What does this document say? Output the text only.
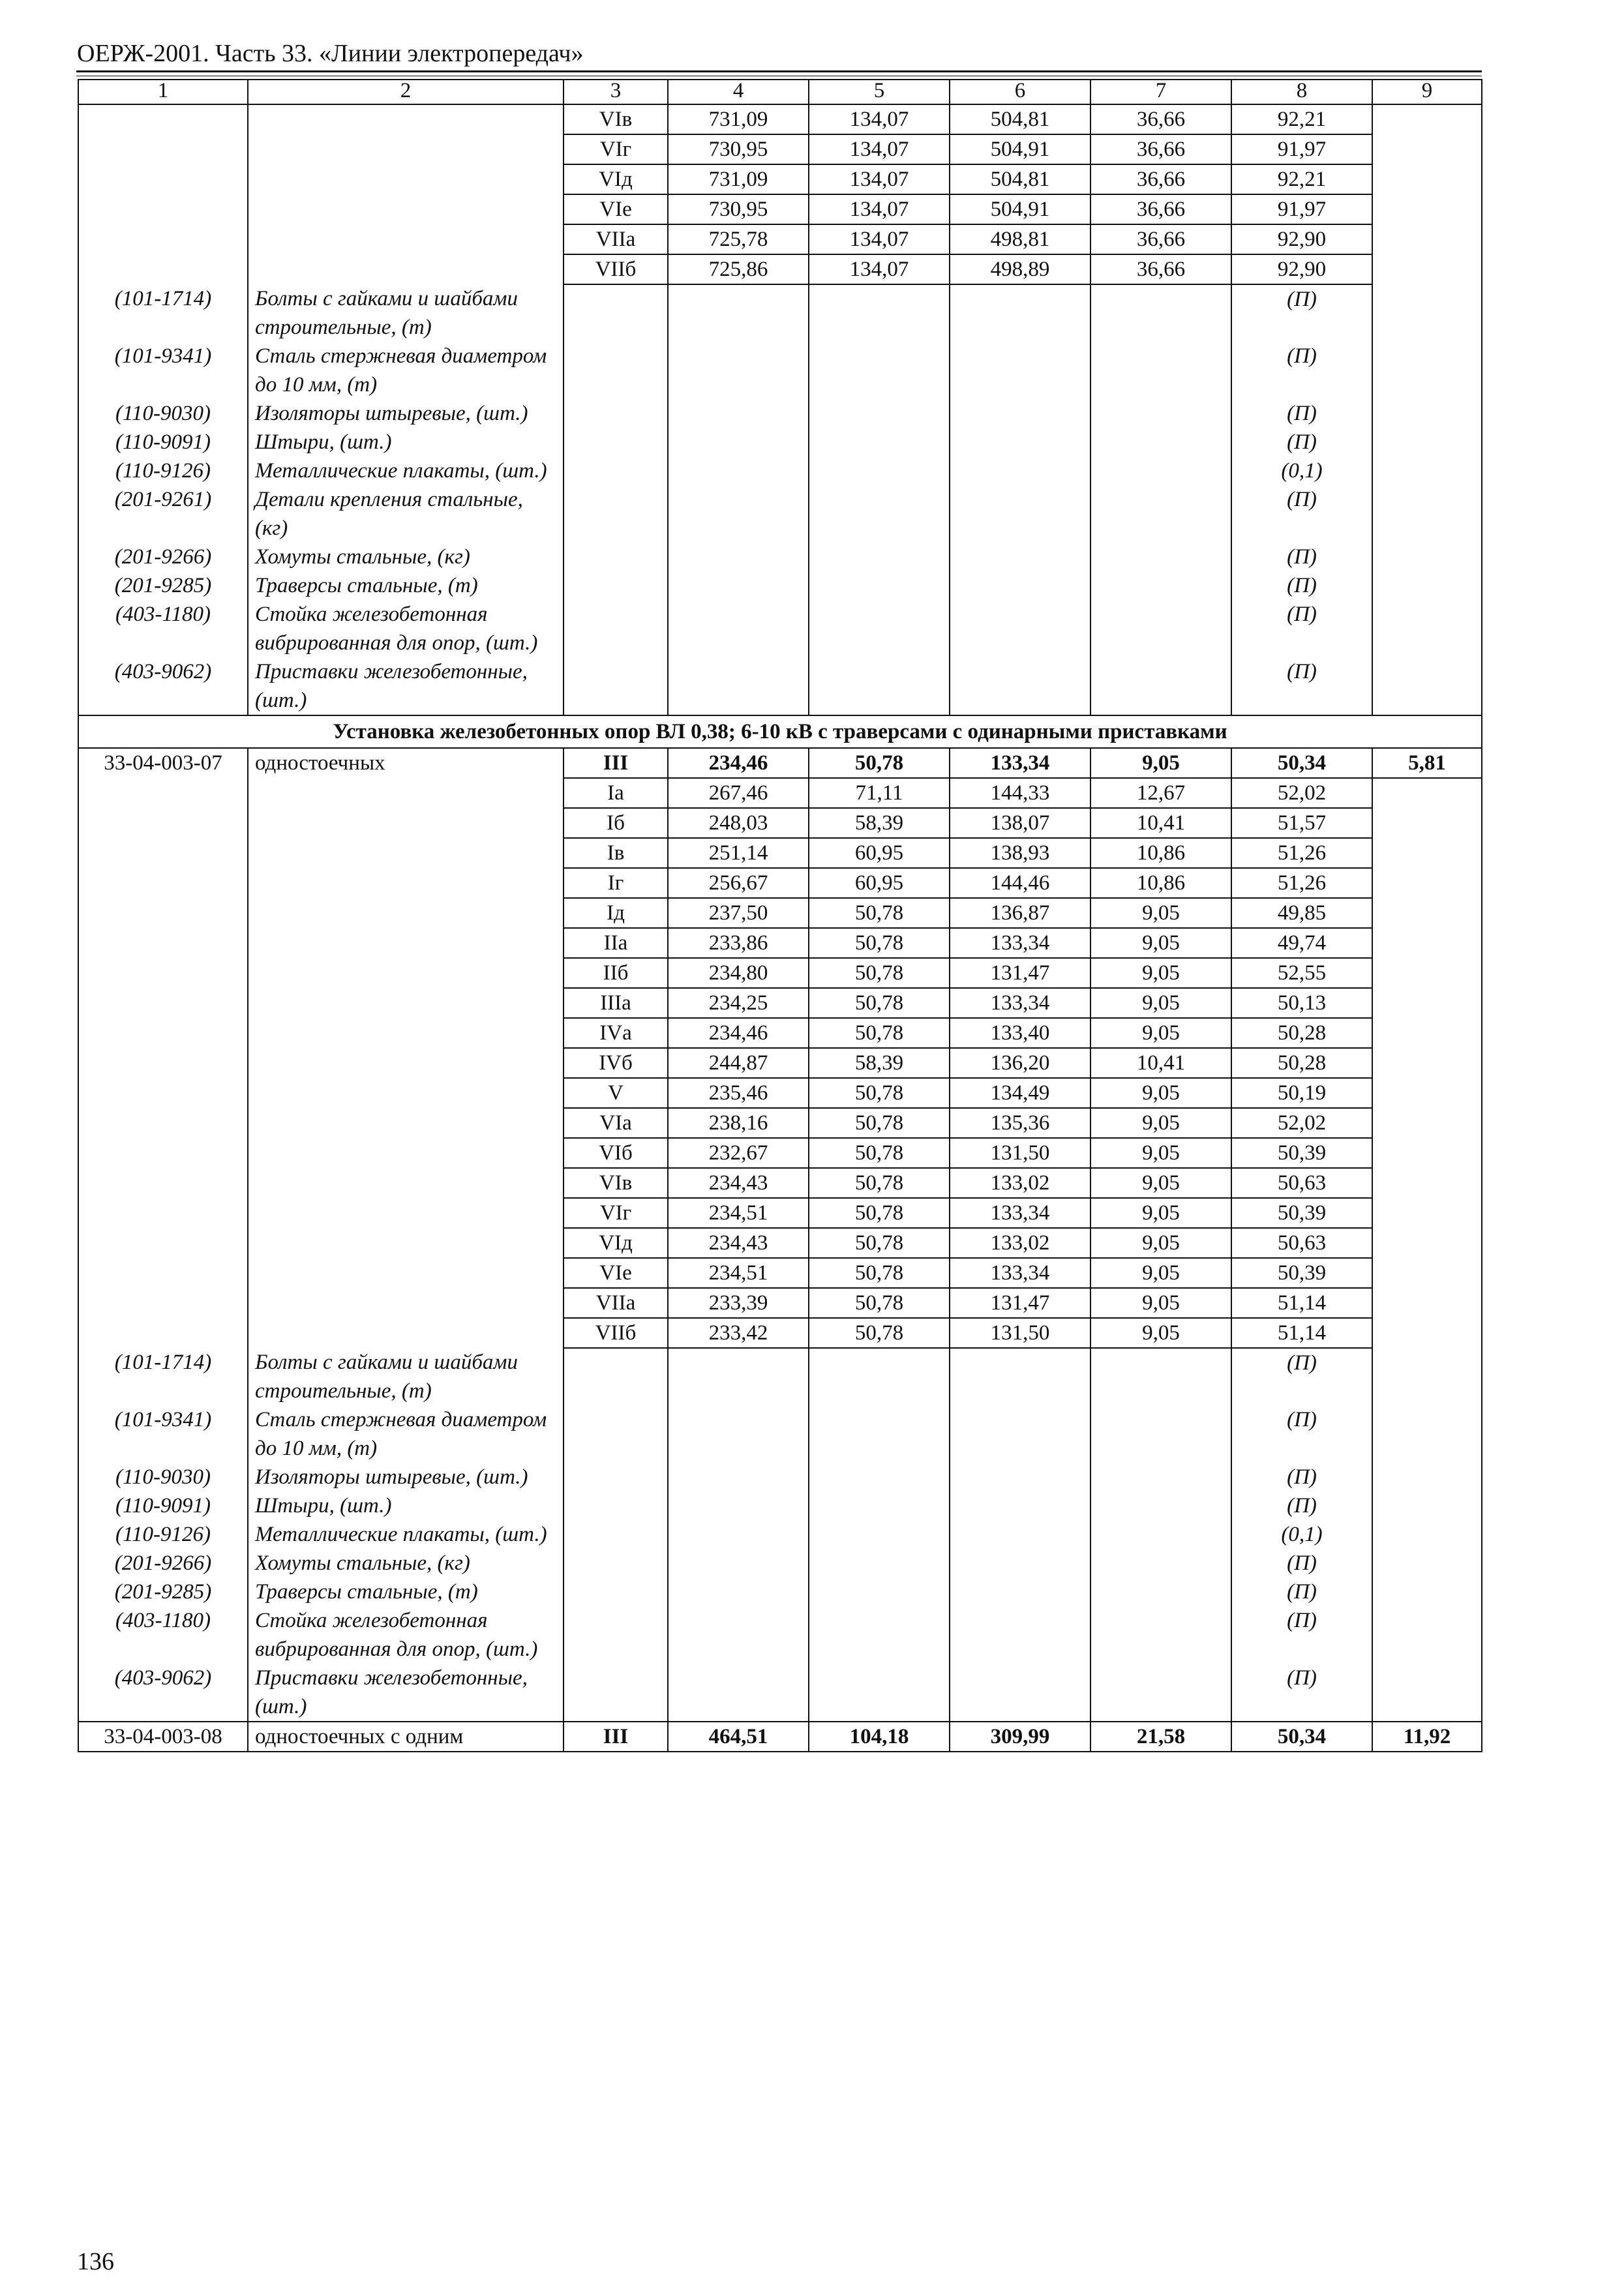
ОЕРЖ-2001. Часть 33. «Линии электропередач»
1	2	3	4	5	6	7	8	9
		VIв	731,09	134,07	504,81	36,66	92,21	
		VIг	730,95	134,07	504,91	36,66	91,97	
		VIд	731,09	134,07	504,81	36,66	92,21	
		VIе	730,95	134,07	504,91	36,66	91,97	
		VIIа	725,78	134,07	498,81	36,66	92,90	
		VIIб	725,86	134,07	498,89	36,66	92,90	
(101-1714)	Болты с гайками и шайбами строительные, (т)						(П)	
(101-9341)	Сталь стержневая диаметром до 10 мм, (т)						(П)	
(110-9030)	Изоляторы штыревые, (шт.)						(П)	
(110-9091)	Штыри, (шт.)						(П)	
(110-9126)	Металлические плакаты, (шт.)						(0,1)	
(201-9261)	Детали крепления стальные, (кг)						(П)	
(201-9266)	Хомуты стальные, (кг)						(П)	
(201-9285)	Траверсы стальные, (т)						(П)	
(403-1180)	Стойка железобетонная вибрированная для опор, (шт.)						(П)	
(403-9062)	Приставки железобетонные, (шт.)						(П)	
Установка железобетонных опор ВЛ 0,38; 6-10 кВ с траверсами с одинарными приставками								
33-04-003-07	одностоечных	III	234,46	50,78	133,34	9,05	50,34	5,81
		Iа	267,46	71,11	144,33	12,67	52,02	
		Iб	248,03	58,39	138,07	10,41	51,57	
		Iв	251,14	60,95	138,93	10,86	51,26	
		Iг	256,67	60,95	144,46	10,86	51,26	
		Iд	237,50	50,78	136,87	9,05	49,85	
		IIа	233,86	50,78	133,34	9,05	49,74	
		IIб	234,80	50,78	131,47	9,05	52,55	
		IIIа	234,25	50,78	133,34	9,05	50,13	
		IVа	234,46	50,78	133,40	9,05	50,28	
		IVб	244,87	58,39	136,20	10,41	50,28	
		V	235,46	50,78	134,49	9,05	50,19	
		VIа	238,16	50,78	135,36	9,05	52,02	
		VIб	232,67	50,78	131,50	9,05	50,39	
		VIв	234,43	50,78	133,02	9,05	50,63	
		VIг	234,51	50,78	133,34	9,05	50,39	
		VIд	234,43	50,78	133,02	9,05	50,63	
		VIе	234,51	50,78	133,34	9,05	50,39	
		VIIа	233,39	50,78	131,47	9,05	51,14	
		VIIб	233,42	50,78	131,50	9,05	51,14	
(101-1714)	Болты с гайками и шайбами строительные, (т)						(П)	
(101-9341)	Сталь стержневая диаметром до 10 мм, (т)						(П)	
(110-9030)	Изоляторы штыревые, (шт.)						(П)	
(110-9091)	Штыри, (шт.)						(П)	
(110-9126)	Металлические плакаты, (шт.)						(0,1)	
(201-9266)	Хомуты стальные, (кг)						(П)	
(201-9285)	Траверсы стальные, (т)						(П)	
(403-1180)	Стойка железобетонная вибрированная для опор, (шт.)						(П)	
(403-9062)	Приставки железобетонные, (шт.)						(П)	
33-04-003-08	одностоечных с одним	III	464,51	104,18	309,99	21,58	50,34	11,92
136
